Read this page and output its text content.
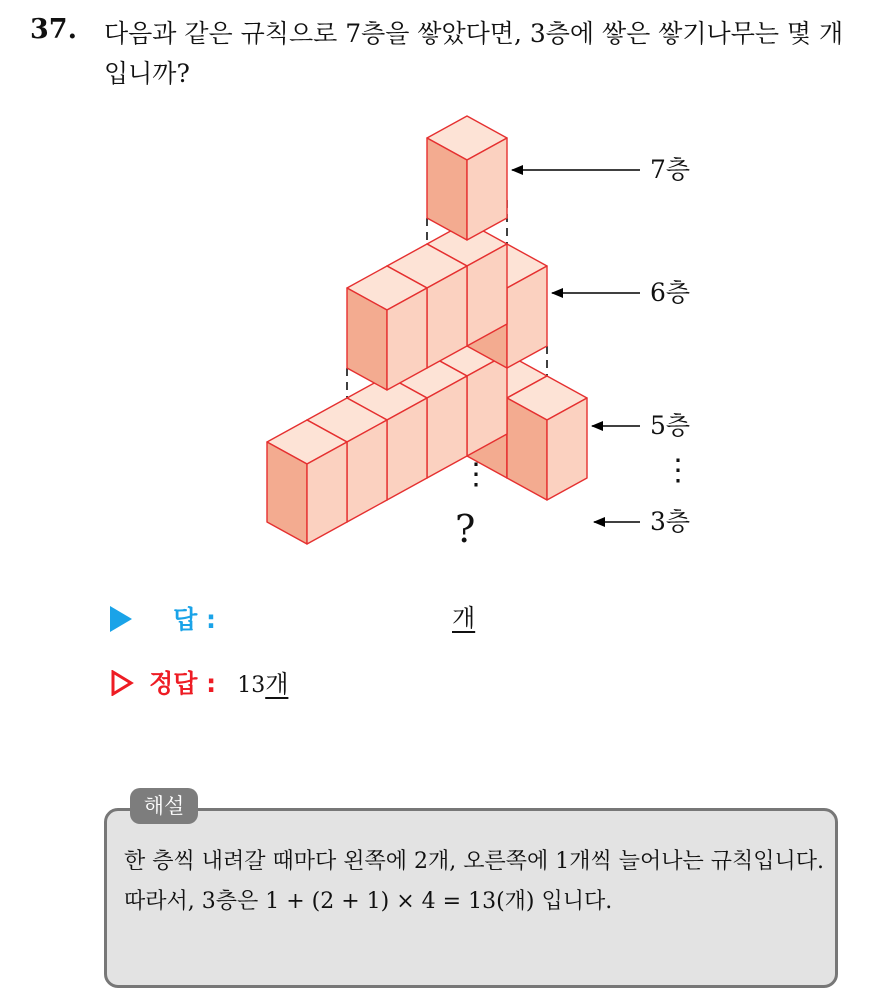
37. 다음과 같은 규칙으로 7층을 쌓았다면, 3층에 쌓은 쌓기나무는 몇 개입니까?
7층
6층
5층
3층
⋮	⋮
?
답 :	개
정답 : 13개
해설
한 층씩 내려갈 때마다 왼쪽에 2개, 오른쪽에 1개씩 늘어나는 규칙입니다.
따라서, 3층은 1 + (2 + 1) × 4 = 13(개) 입니다.
